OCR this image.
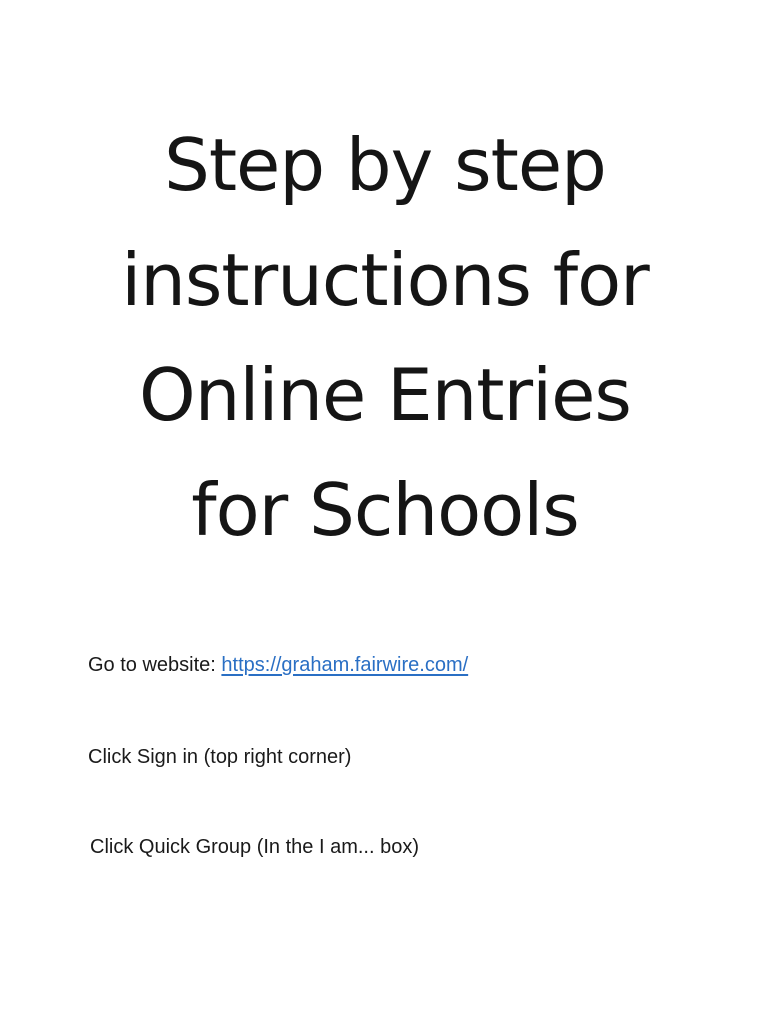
Step by step
instructions for
Online Entries
for Schools
Go to website: https://graham.fairwire.com/
Click Sign in (top right corner)
Click Quick Group (In the I am... box)
